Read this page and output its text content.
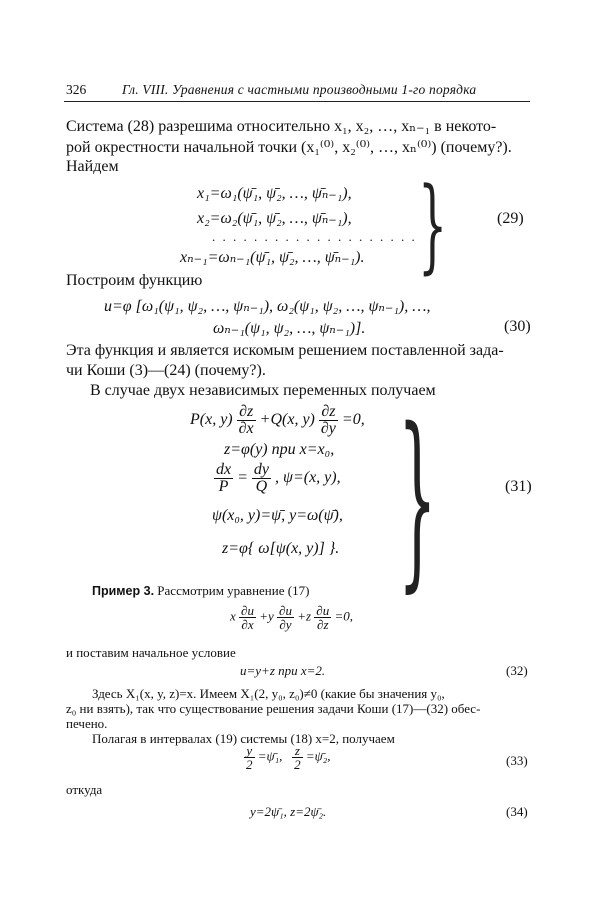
326	Гл. VIII. Уравнения с частными производными 1-го порядка
Система (28) разрешима относительно x₁, x₂, …, xₙ₋₁ в некото-
рой окрестности начальной точки (x₁⁽⁰⁾, x₂⁽⁰⁾, …, xₙ⁽⁰⁾) (почему?).
Найдем
x₁=ω₁(ψ̄₁, ψ̄₂, …, ψ̄ₙ₋₁),
x₂=ω₂(ψ̄₁, ψ̄₂, …, ψ̄ₙ₋₁),
. . . . . . . . . . . . . . . . . . . .
xₙ₋₁=ωₙ₋₁(ψ̄₁, ψ̄₂, …, ψ̄ₙ₋₁). }	(29)
Построим функцию
u=φ [ω₁(ψ₁, ψ₂, …, ψₙ₋₁), ω₂(ψ₁, ψ₂, …, ψₙ₋₁), …,
ωₙ₋₁(ψ₁, ψ₂, …, ψₙ₋₁)].	(30)
Эта функция и является искомым решением поставленной зада-
чи Коши (3)—(24) (почему?).
В случае двух независимых переменных получаем
P(x, $y) \frac{\partial z}{\partial x} +Q(x$, $y) \frac{\partial z}{\partial y} =0$,
z=φ(y) при x=x₀,
$\frac{dx}{P} = \frac{dy}{Q}$ , ψ=(x, y),
ψ(x₀, y)=ψ̄, y=ω(ψ̄),
z=φ{ ω[ψ(x, y)] }. }	(31)
Пример 3. Рассмотрим уравнение (17)
x $\frac{\partial u}{\partial x} +y \frac{\partial u}{\partial y} +z \frac{\partial u}{\partial z} =0$,
и поставим начальное условие
u=y+z при x=2.	(32)
Здесь X₁(x, y, z)=x. Имеем X₁(2, y₀, z₀)≠0 (какие бы значения y₀,
z₀ ни взять), так что существование решения задачи Коши (17)—(32) обес-
печено.
Полагая в интервалах (19) системы (18) x=2, получаем
$\frac{y}{2}$ =ψ̄₁, $\frac{z}{2}$ =ψ̄₂,	(33)
откуда
y=2ψ̄₁, z=2ψ̄₂.	(34)
